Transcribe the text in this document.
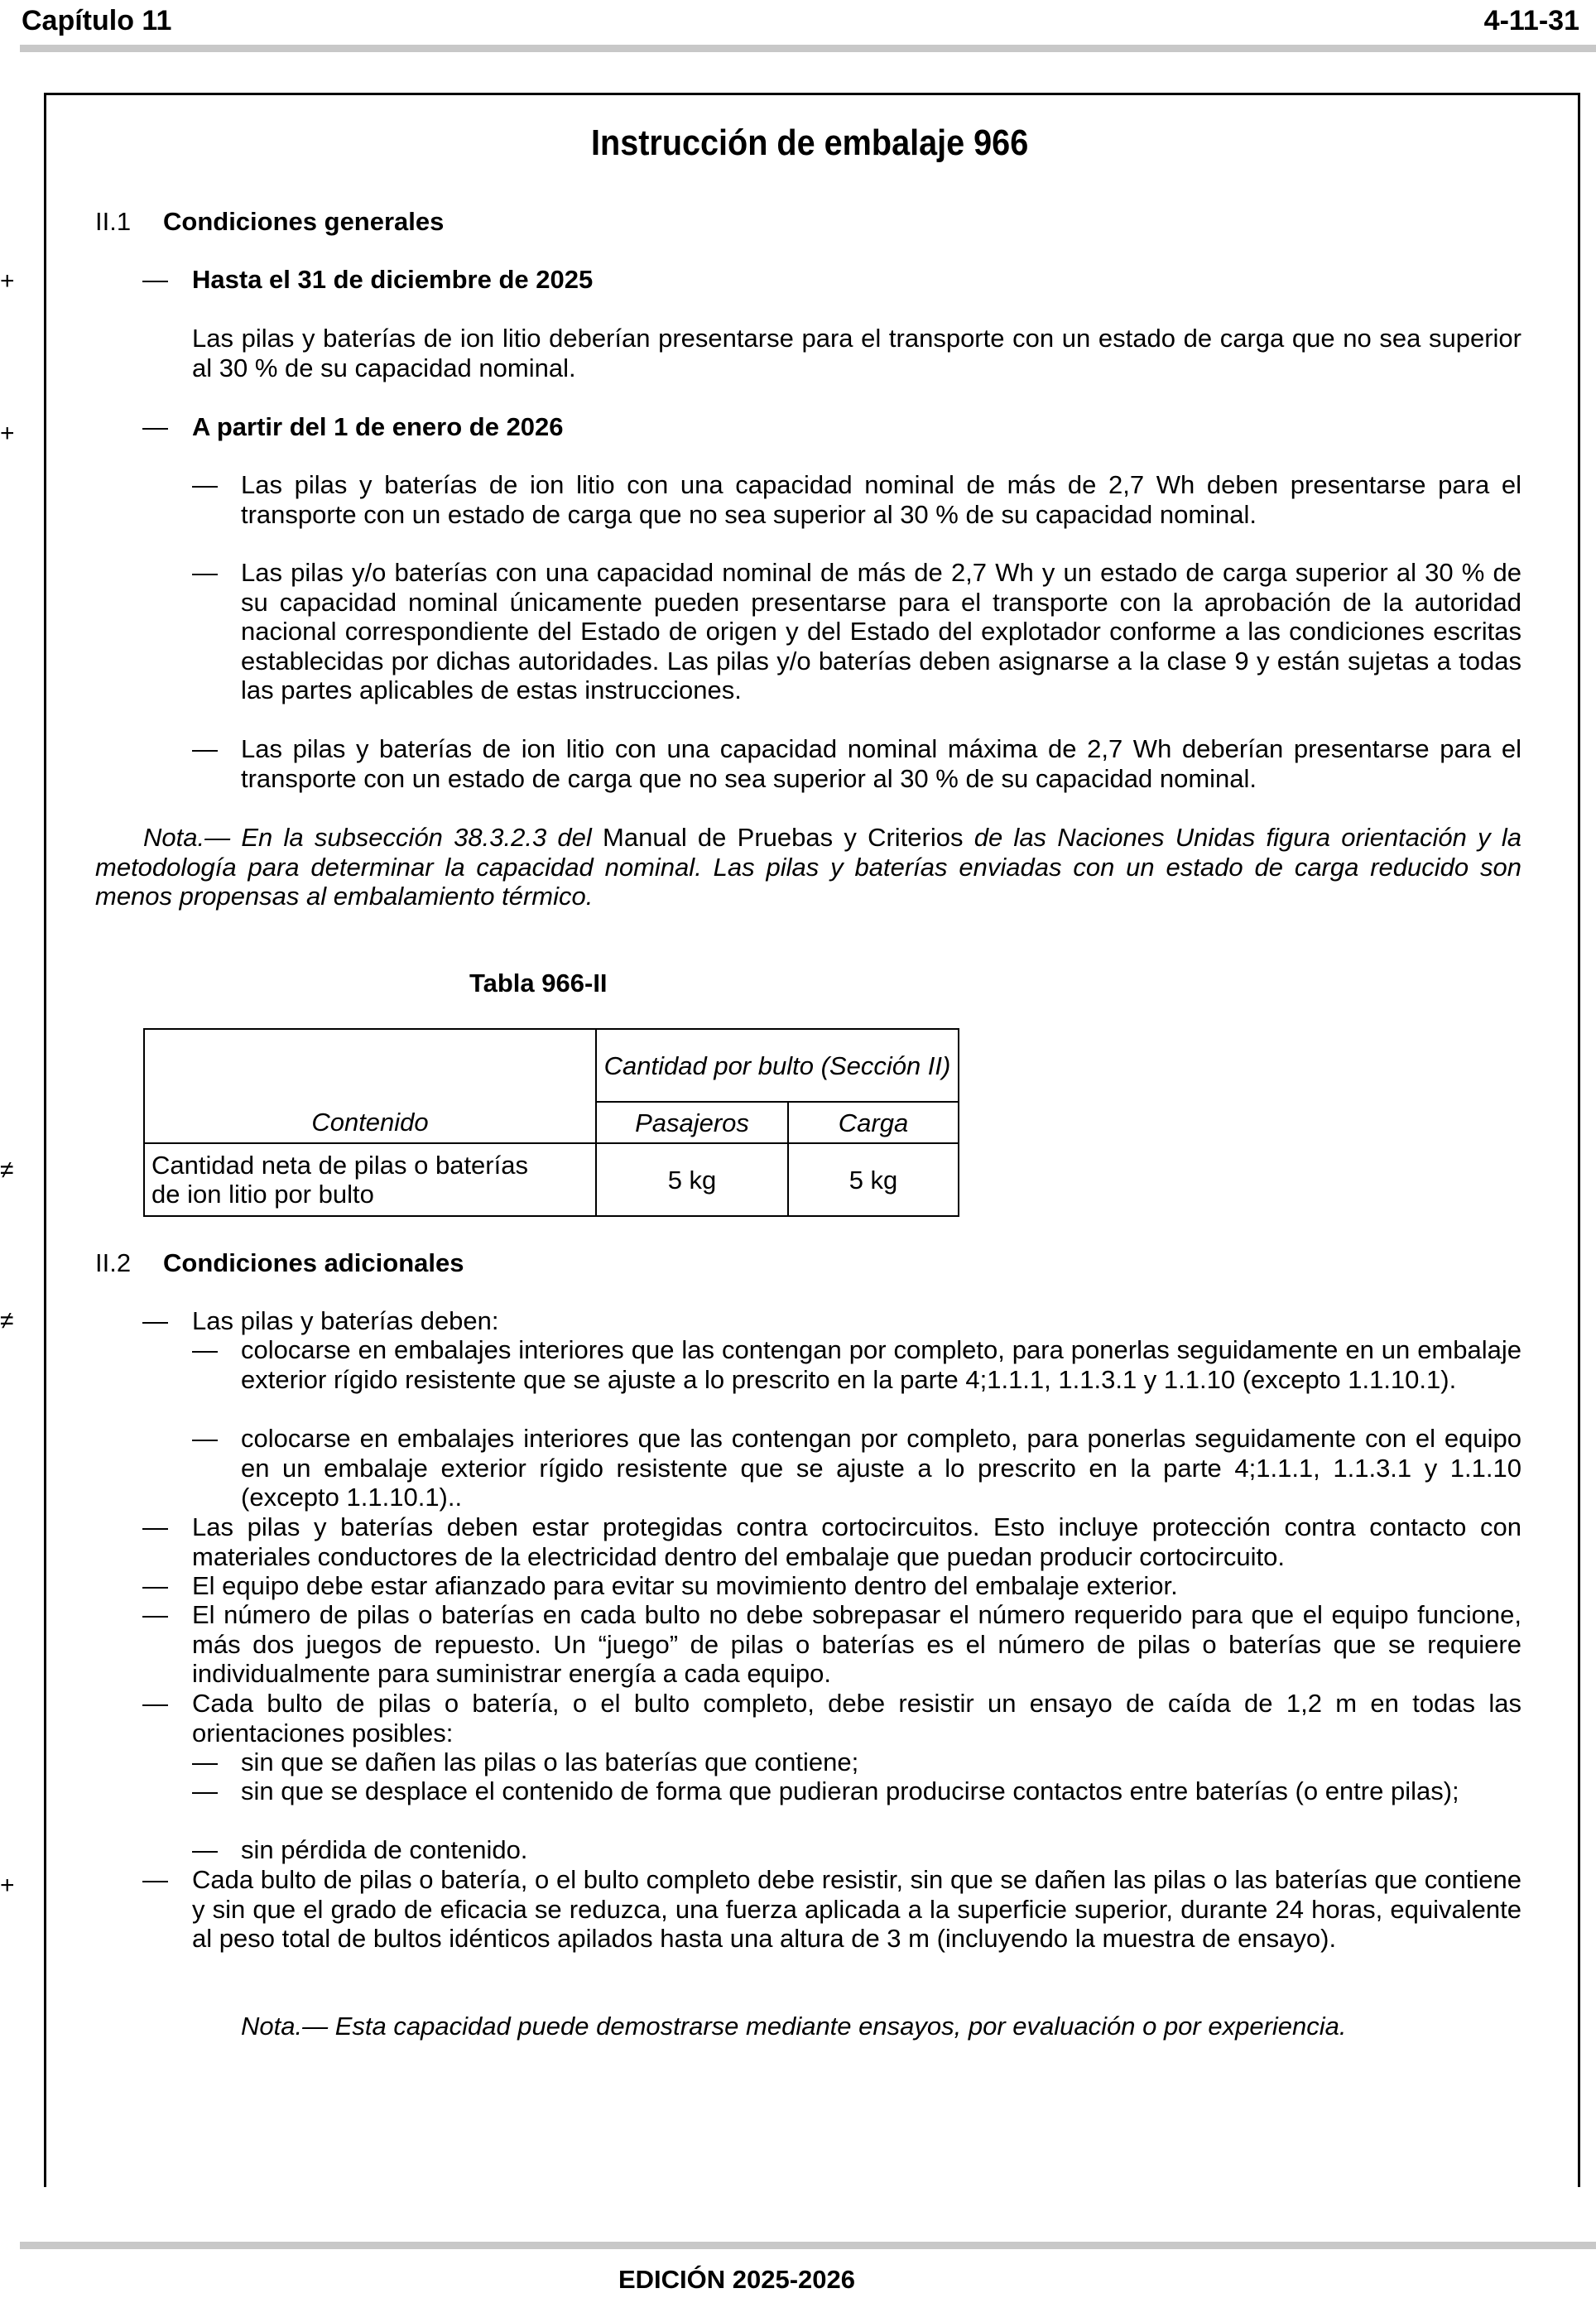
Capítulo 11	4-11-31
Instrucción de embalaje 966
II.1 Condiciones generales
+	— Hasta el 31 de diciembre de 2025
Las pilas y baterías de ion litio deberían presentarse para el transporte con un estado de carga que no sea superior al 30 % de su capacidad nominal.
+	— A partir del 1 de enero de 2026
— Las pilas y baterías de ion litio con una capacidad nominal de más de 2,7 Wh deben presentarse para el transporte con un estado de carga que no sea superior al 30 % de su capacidad nominal.
— Las pilas y/o baterías con una capacidad nominal de más de 2,7 Wh y un estado de carga superior al 30 % de su capacidad nominal únicamente pueden presentarse para el transporte con la aprobación de la autoridad nacional correspondiente del Estado de origen y del Estado del explotador conforme a las condiciones escritas establecidas por dichas autoridades. Las pilas y/o baterías deben asignarse a la clase 9 y están sujetas a todas las partes aplicables de estas instrucciones.
— Las pilas y baterías de ion litio con una capacidad nominal máxima de 2,7 Wh deberían presentarse para el transporte con un estado de carga que no sea superior al 30 % de su capacidad nominal.
Nota.— En la subsección 38.3.2.3 del Manual de Pruebas y Criterios de las Naciones Unidas figura orientación y la metodología para determinar la capacidad nominal. Las pilas y baterías enviadas con un estado de carga reducido son menos propensas al embalamiento térmico.
Tabla 966-II
≠
	Cantidad por bulto (Sección II)	
Contenido	Pasajeros	Carga
Cantidad neta de pilas o baterías de ion litio por bulto	5 kg	5 kg
II.2 Condiciones adicionales
≠	— Las pilas y baterías deben:
— colocarse en embalajes interiores que las contengan por completo, para ponerlas seguidamente en un embalaje exterior rígido resistente que se ajuste a lo prescrito en la parte 4;1.1.1, 1.1.3.1 y 1.1.10 (excepto 1.1.10.1).
— colocarse en embalajes interiores que las contengan por completo, para ponerlas seguidamente con el equipo en un embalaje exterior rígido resistente que se ajuste a lo prescrito en la parte 4;1.1.1, 1.1.3.1 y 1.1.10 (excepto 1.1.10.1)..
— Las pilas y baterías deben estar protegidas contra cortocircuitos. Esto incluye protección contra contacto con materiales conductores de la electricidad dentro del embalaje que puedan producir cortocircuito.
— El equipo debe estar afianzado para evitar su movimiento dentro del embalaje exterior.
— El número de pilas o baterías en cada bulto no debe sobrepasar el número requerido para que el equipo funcione, más dos juegos de repuesto. Un “juego” de pilas o baterías es el número de pilas o baterías que se requiere individualmente para suministrar energía a cada equipo.
— Cada bulto de pilas o batería, o el bulto completo, debe resistir un ensayo de caída de 1,2 m en todas las orientaciones posibles:
— sin que se dañen las pilas o las baterías que contiene;
— sin que se desplace el contenido de forma que pudieran producirse contactos entre baterías (o entre pilas);
— sin pérdida de contenido.
+	— Cada bulto de pilas o batería, o el bulto completo debe resistir, sin que se dañen las pilas o las baterías que contiene y sin que el grado de eficacia se reduzca, una fuerza aplicada a la superficie superior, durante 24 horas, equivalente al peso total de bultos idénticos apilados hasta una altura de 3 m (incluyendo la muestra de ensayo).
Nota.— Esta capacidad puede demostrarse mediante ensayos, por evaluación o por experiencia.
EDICIÓN 2025-2026
